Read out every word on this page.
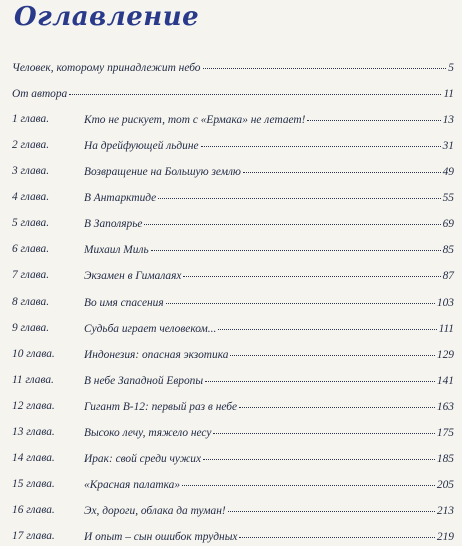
Оглавление
Человек, которому принадлежит небо	5
От автора	11
1 глава.	Кто не рискует, тот с «Ермака» не летает!	13
2 глава.	На дрейфующей льдине	31
3 глава.	Возвращение на Большую землю	49
4 глава.	В Антарктиде	55
5 глава.	В Заполярье	69
6 глава.	Михаил Миль	85
7 глава.	Экзамен в Гималаях	87
8 глава.	Во имя спасения	103
9 глава.	Судьба играет человеком...	111
10 глава.	Индонезия: опасная экзотика	129
11 глава.	В небе Западной Европы	141
12 глава.	Гигант В-12: первый раз в небе	163
13 глава.	Высоко лечу, тяжело несу	175
14 глава.	Ирак: свой среди чужих	185
15 глава.	«Красная палатка»	205
16 глава.	Эх, дороги, облака да туман!	213
17 глава.	И опыт – сын ошибок трудных	219
